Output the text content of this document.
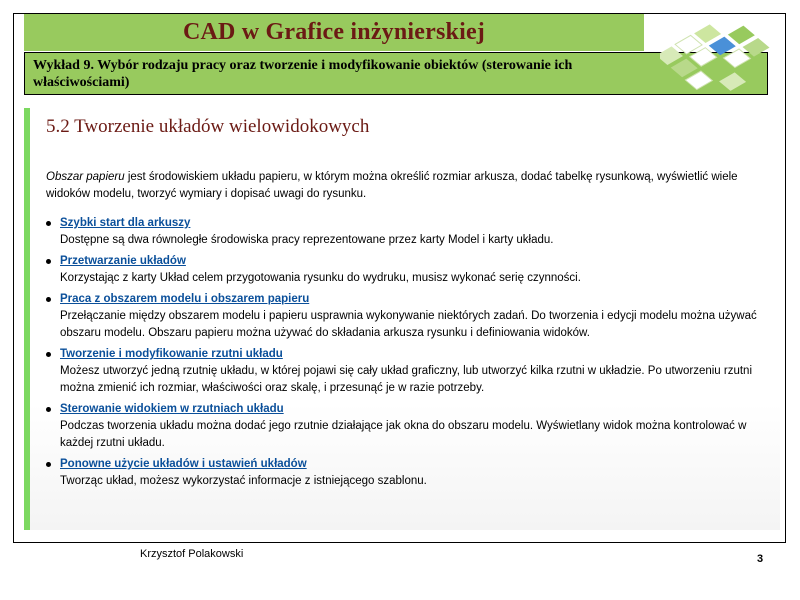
CAD w Grafice inżynierskiej
Wykład 9. Wybór rodzaju pracy oraz tworzenie i modyfikowanie obiektów (sterowanie ich
właściwościami)
5.2 Tworzenie układów wielowidokowych
Obszar papieru jest środowiskiem układu papieru, w którym można określić rozmiar arkusza, dodać tabelkę rysunkową, wyświetlić wiele widoków modelu, tworzyć wymiary i dopisać uwagi do rysunku.
Szybki start dla arkuszy
Dostępne są dwa równoległe środowiska pracy reprezentowane przez karty Model i karty układu.
Przetwarzanie układów
Korzystając z karty Układ celem przygotowania rysunku do wydruku, musisz wykonać serię czynności.
Praca z obszarem modelu i obszarem papieru
Przełączanie między obszarem modelu i papieru usprawnia wykonywanie niektórych zadań. Do tworzenia i edycji modelu można używać obszaru modelu. Obszaru papieru można używać do składania arkusza rysunku i definiowania widoków.
Tworzenie i modyfikowanie rzutni układu
Możesz utworzyć jedną rzutnię układu, w której pojawi się cały układ graficzny, lub utworzyć kilka rzutni w układzie. Po utworzeniu rzutni można zmienić ich rozmiar, właściwości oraz skalę, i przesunąć je w razie potrzeby.
Sterowanie widokiem w rzutniach układu
Podczas tworzenia układu można dodać jego rzutnie działające jak okna do obszaru modelu. Wyświetlany widok można kontrolować w każdej rzutni układu.
Ponowne użycie układów i ustawień układów
Tworząc układ, możesz wykorzystać informacje z istniejącego szablonu.
Krzysztof Polakowski	3
